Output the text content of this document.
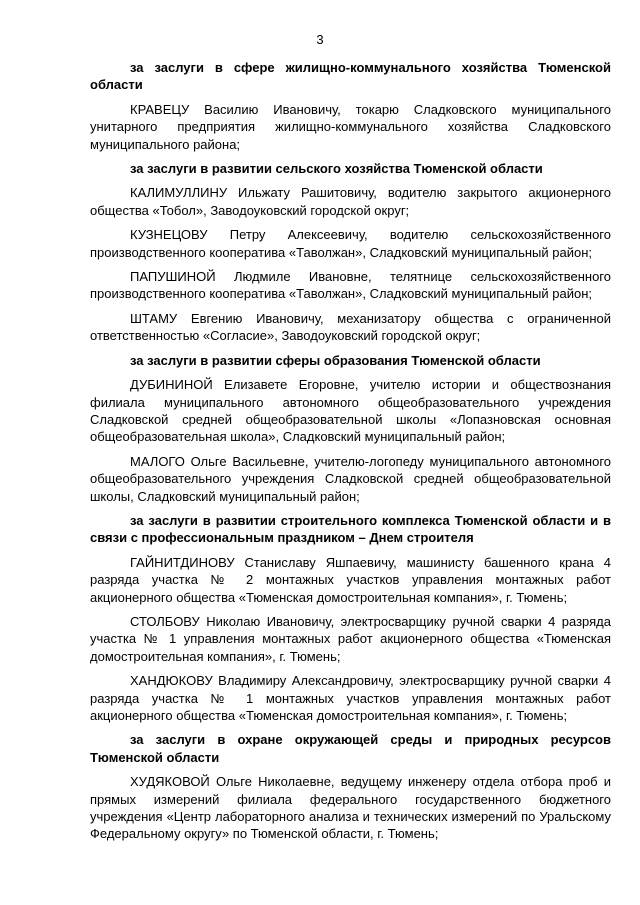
3
за заслуги в сфере жилищно-коммунального хозяйства Тюменской области
КРАВЕЦУ Василию Ивановичу, токарю Сладковского муниципального унитарного предприятия жилищно-коммунального хозяйства Сладковского муниципального района;
за заслуги в развитии сельского хозяйства Тюменской области
КАЛИМУЛЛИНУ Ильжату Рашитовичу, водителю закрытого акционерного общества «Тобол», Заводоуковский городской округ;
КУЗНЕЦОВУ Петру Алексеевичу, водителю сельскохозяйственного производственного кооператива «Таволжан», Сладковский муниципальный район;
ПАПУШИНОЙ Людмиле Ивановне, телятнице сельскохозяйственного производственного кооператива «Таволжан», Сладковский муниципальный район;
ШТАМУ Евгению Ивановичу, механизатору общества с ограниченной ответственностью «Согласие», Заводоуковский городской округ;
за заслуги в развитии сферы образования Тюменской области
ДУБИНИНОЙ Елизавете Егоровне, учителю истории и обществознания филиала муниципального автономного общеобразовательного учреждения Сладковской средней общеобразовательной школы «Лопазновская основная общеобразовательная школа», Сладковский муниципальный район;
МАЛОГО Ольге Васильевне, учителю-логопеду муниципального автономного общеобразовательного учреждения Сладковской средней общеобразовательной школы, Сладковский муниципальный район;
за заслуги в развитии строительного комплекса Тюменской области и в связи с профессиональным праздником – Днем строителя
ГАЙНИТДИНОВУ Станиславу Яшпаевичу, машинисту башенного крана 4 разряда участка № 2 монтажных участков управления монтажных работ акционерного общества «Тюменская домостроительная компания», г. Тюмень;
СТОЛБОВУ Николаю Ивановичу, электросварщику ручной сварки 4 разряда участка № 1 управления монтажных работ акционерного общества «Тюменская домостроительная компания», г. Тюмень;
ХАНДЮКОВУ Владимиру Александровичу, электросварщику ручной сварки 4 разряда участка № 1 монтажных участков управления монтажных работ акционерного общества «Тюменская домостроительная компания», г. Тюмень;
за заслуги в охране окружающей среды и природных ресурсов Тюменской области
ХУДЯКОВОЙ Ольге Николаевне, ведущему инженеру отдела отбора проб и прямых измерений филиала федерального государственного бюджетного учреждения «Центр лабораторного анализа и технических измерений по Уральскому Федеральному округу» по Тюменской области, г. Тюмень;
